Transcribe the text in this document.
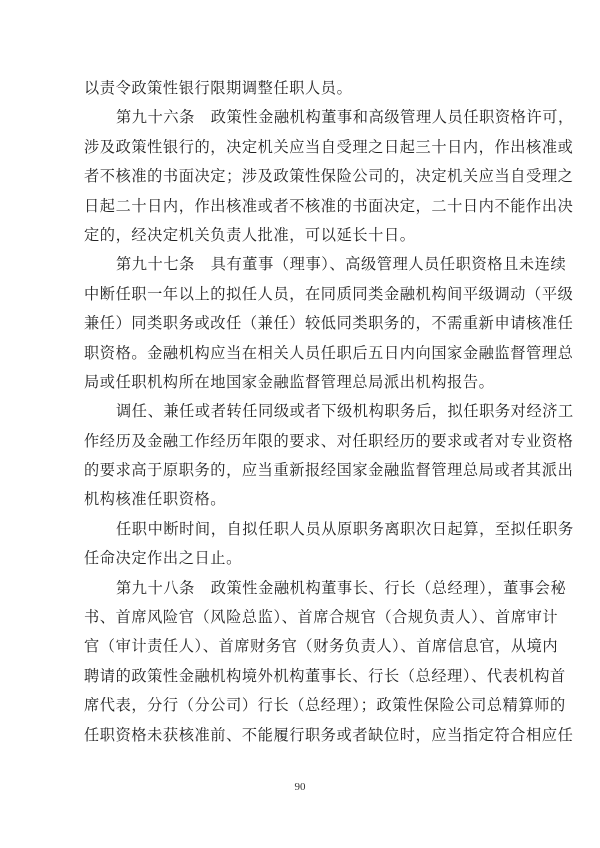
以责令政策性银行限期调整任职人员。
第九十六条　政策性金融机构董事和高级管理人员任职资格许可，
涉及政策性银行的，决定机关应当自受理之日起三十日内，作出核准或
者不核准的书面决定；涉及政策性保险公司的，决定机关应当自受理之
日起二十日内，作出核准或者不核准的书面决定，二十日内不能作出决
定的，经决定机关负责人批准，可以延长十日。
第九十七条　具有董事（理事）、高级管理人员任职资格且未连续
中断任职一年以上的拟任人员，在同质同类金融机构间平级调动（平级
兼任）同类职务或改任（兼任）较低同类职务的，不需重新申请核准任
职资格。金融机构应当在相关人员任职后五日内向国家金融监督管理总
局或任职机构所在地国家金融监督管理总局派出机构报告。
调任、兼任或者转任同级或者下级机构职务后，拟任职务对经济工
作经历及金融工作经历年限的要求、对任职经历的要求或者对专业资格
的要求高于原职务的，应当重新报经国家金融监督管理总局或者其派出
机构核准任职资格。
任职中断时间，自拟任职人员从原职务离职次日起算，至拟任职务
任命决定作出之日止。
第九十八条　政策性金融机构董事长、行长（总经理），董事会秘
书、首席风险官（风险总监）、首席合规官（合规负责人）、首席审计
官（审计责任人）、首席财务官（财务负责人）、首席信息官，从境内
聘请的政策性金融机构境外机构董事长、行长（总经理）、代表机构首
席代表，分行（分公司）行长（总经理）；政策性保险公司总精算师的
任职资格未获核准前、不能履行职务或者缺位时，应当指定符合相应任
90
